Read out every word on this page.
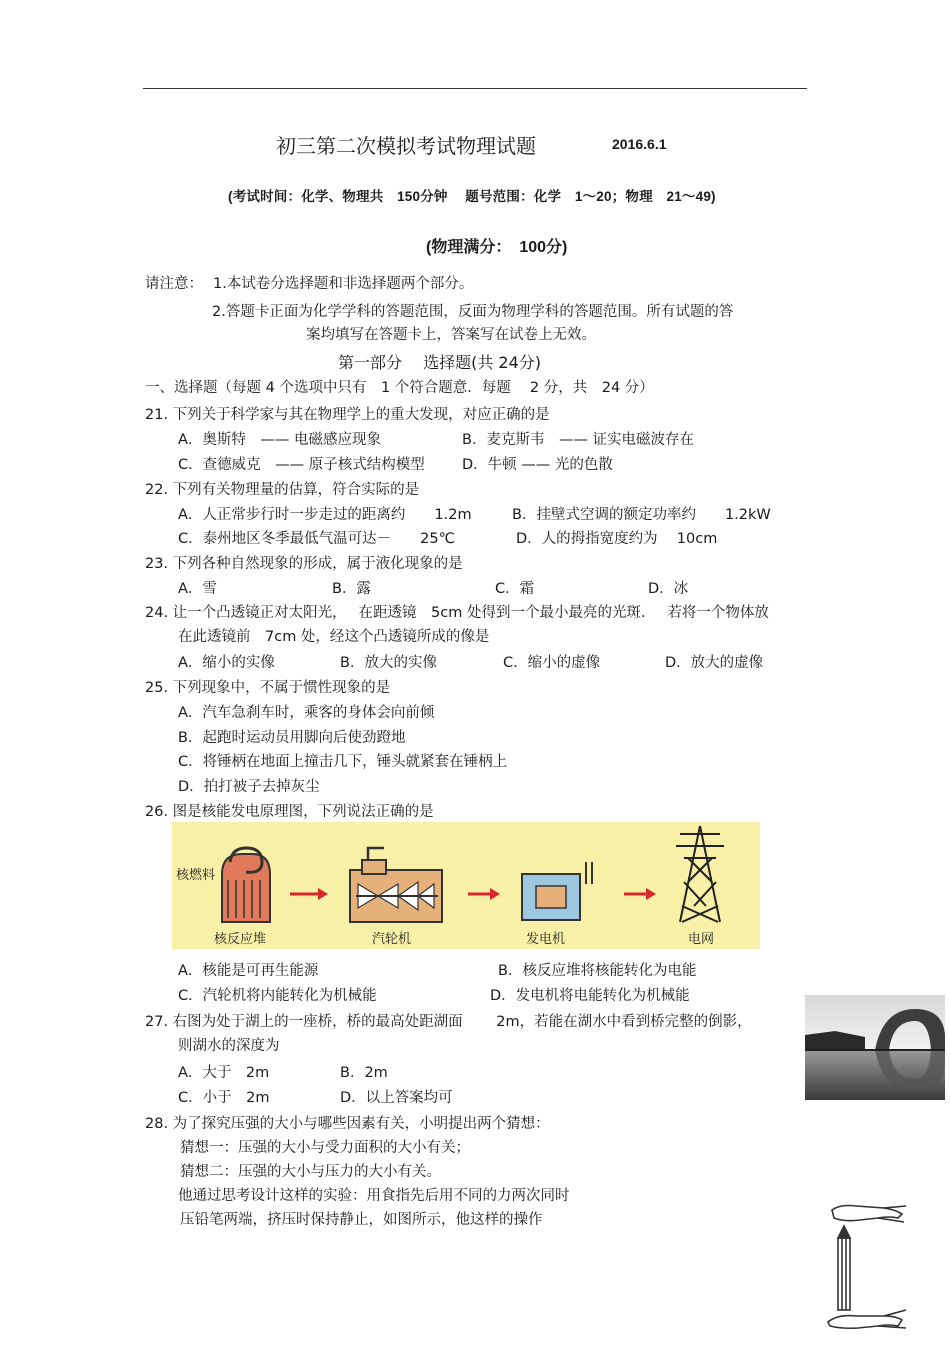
初三第二次模拟考试物理试题	2016.6.1
(考试时间：化学、物理共　150分钟　 题号范围：化学　1～20；物理　21～49)
(物理满分：　100分)
请注意： 1.本试卷分选择题和非选择题两个部分。
2.答题卡正面为化学学科的答题范围，反面为物理学科的答题范围。所有试题的答
案均填写在答题卡上，答案写在试卷上无效。
第一部分　 选择题(共 24分)
一、选择题（每题 4 个选项中只有　1 个符合题意．每题　 2 分，共　24 分）
21. 下列关于科学家与其在物理学上的重大发现，对应正确的是
A．奥斯特　—— 电磁感应现象	B．麦克斯韦　—— 证实电磁波存在
C．查德威克　—— 原子核式结构模型	D．牛顿 —— 光的色散
22. 下列有关物理量的估算，符合实际的是
A．人正常步行时一步走过的距离约　　1.2m	B．挂壁式空调的额定功率约　　1.2kW
C．泰州地区冬季最低气温可达－　　25℃	D．人的拇指宽度约为　 10cm
23. 下列各种自然现象的形成，属于液化现象的是
A．雪	B．露	C．霜	D．冰
24. 让一个凸透镜正对太阳光，　 在距透镜　5cm 处得到一个最小最亮的光斑．　 若将一个物体放
在此透镜前　7cm 处，经这个凸透镜所成的像是
A．缩小的实像	B．放大的实像	C．缩小的虚像	D．放大的虚像
25. 下列现象中，不属于惯性现象的是
A．汽车急刹车时，乘客的身体会向前倾
B．起跑时运动员用脚向后使劲蹬地
C．将锤柄在地面上撞击几下，锤头就紧套在锤柄上
D．拍打被子去掉灰尘
26. 图是核能发电原理图，下列说法正确的是
核燃料
核反应堆	汽轮机	发电机	电网
A．核能是可再生能源	B．核反应堆将核能转化为电能
C．汽轮机将内能转化为机械能	D．发电机将电能转化为机械能
27. 右图为处于湖上的一座桥，桥的最高处距湖面　　 2m，若能在湖水中看到桥完整的倒影，
则湖水的深度为
A．大于　2m	B．2m
C．小于　2m	D．以上答案均可
28. 为了探究压强的大小与哪些因素有关，小明提出两个猜想：
猜想一：压强的大小与受力面积的大小有关；
猜想二：压强的大小与压力的大小有关。
他通过思考设计这样的实验：用食指先后用不同的力两次同时
压铅笔两端，挤压时保持静止，如图所示，他这样的操作
